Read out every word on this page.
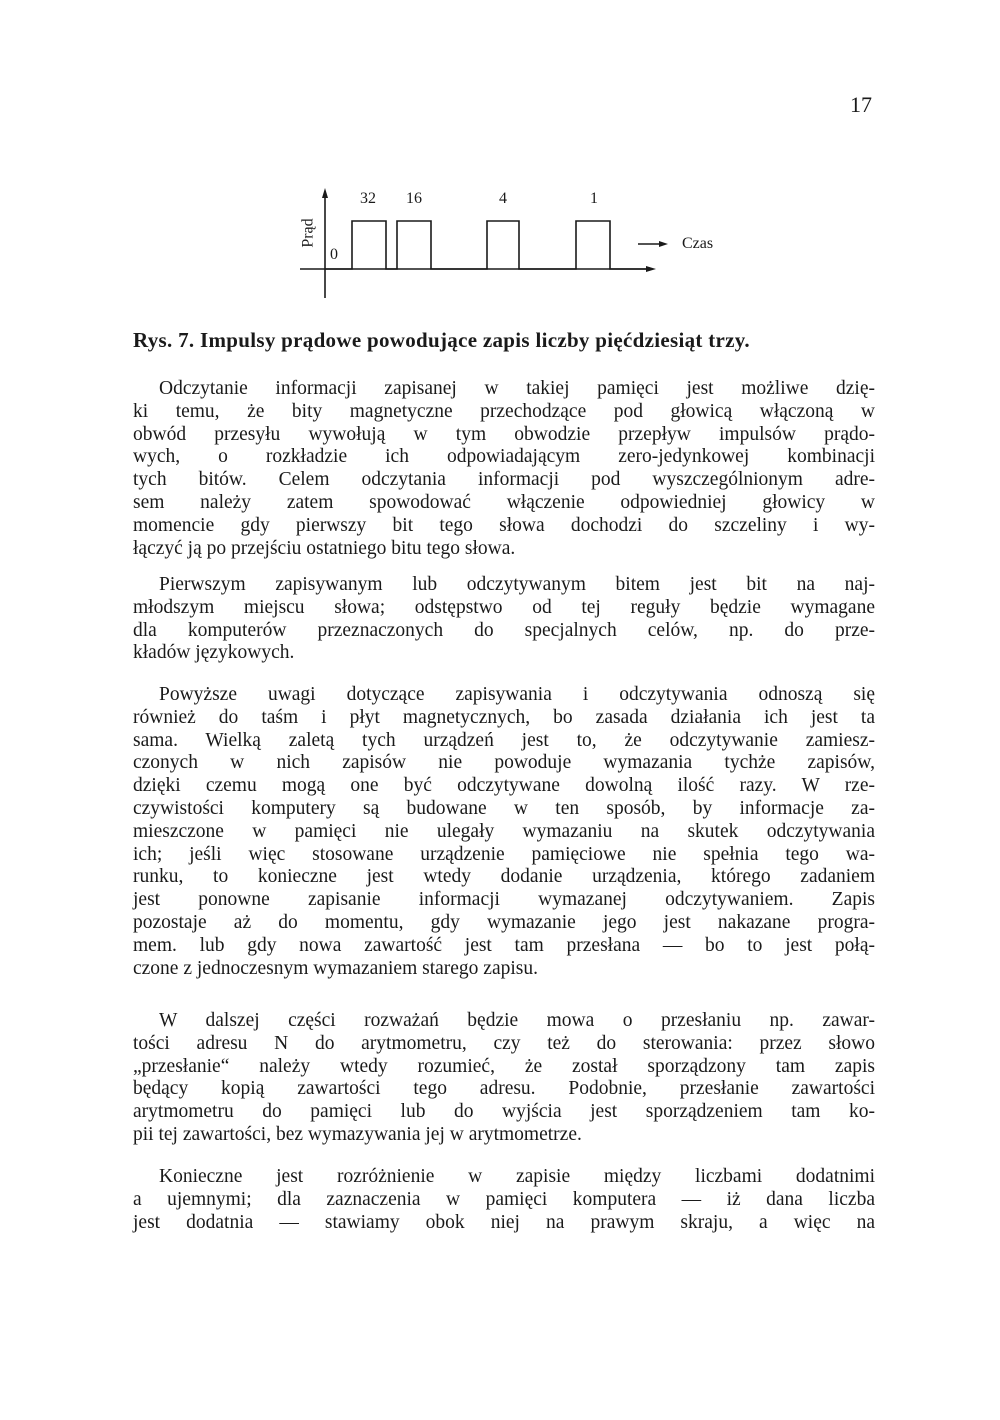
17
Prąd
0
32 16	4	1
Czas
Rys. 7. Impulsy prądowe powodujące zapis liczby pięćdziesiąt trzy.
Odczytanie informacji zapisanej w takiej pamięci jest możliwe dzię-
ki temu, że bity magnetyczne przechodzące pod głowicą włączoną w
obwód przesyłu wywołują w tym obwodzie przepływ impulsów prądo-
wych, o rozkładzie ich odpowiadającym zero-jedynkowej kombinacji
tych bitów. Celem odczytania informacji pod wyszczególnionym adre-
sem należy zatem spowodować włączenie odpowiedniej głowicy w
momencie gdy pierwszy bit tego słowa dochodzi do szczeliny i wy-
łączyć ją po przejściu ostatniego bitu tego słowa.
Pierwszym zapisywanym lub odczytywanym bitem jest bit na naj-
młodszym miejscu słowa; odstępstwo od tej reguły będzie wymagane
dla komputerów przeznaczonych do specjalnych celów, np. do prze-
kładów językowych.
Powyższe uwagi dotyczące zapisywania i odczytywania odnoszą się
również do taśm i płyt magnetycznych, bo zasada działania ich jest ta
sama. Wielką zaletą tych urządzeń jest to, że odczytywanie zamiesz-
czonych w nich zapisów nie powoduje wymazania tychże zapisów,
dzięki czemu mogą one być odczytywane dowolną ilość razy. W rze-
czywistości komputery są budowane w ten sposób, by informacje za-
mieszczone w pamięci nie ulegały wymazaniu na skutek odczytywania
ich; jeśli więc stosowane urządzenie pamięciowe nie spełnia tego wa-
runku, to konieczne jest wtedy dodanie urządzenia, którego zadaniem
jest ponowne zapisanie informacji wymazanej odczytywaniem. Zapis
pozostaje aż do momentu, gdy wymazanie jego jest nakazane progra-
mem. lub gdy nowa zawartość jest tam przesłana — bo to jest połą-
czone z jednoczesnym wymazaniem starego zapisu.
W dalszej części rozważań będzie mowa o przesłaniu np. zawar-
tości adresu N do arytmometru, czy też do sterowania: przez słowo
„przesłanie“ należy wtedy rozumieć, że został sporządzony tam zapis
będący kopią zawartości tego adresu. Podobnie, przesłanie zawartości
arytmometru do pamięci lub do wyjścia jest sporządzeniem tam ko-
pii tej zawartości, bez wymazywania jej w arytmometrze.
Konieczne jest rozróżnienie w zapisie między liczbami dodatnimi
a ujemnymi; dla zaznaczenia w pamięci komputera — iż dana liczba
jest dodatnia — stawiamy obok niej na prawym skraju, a więc na
